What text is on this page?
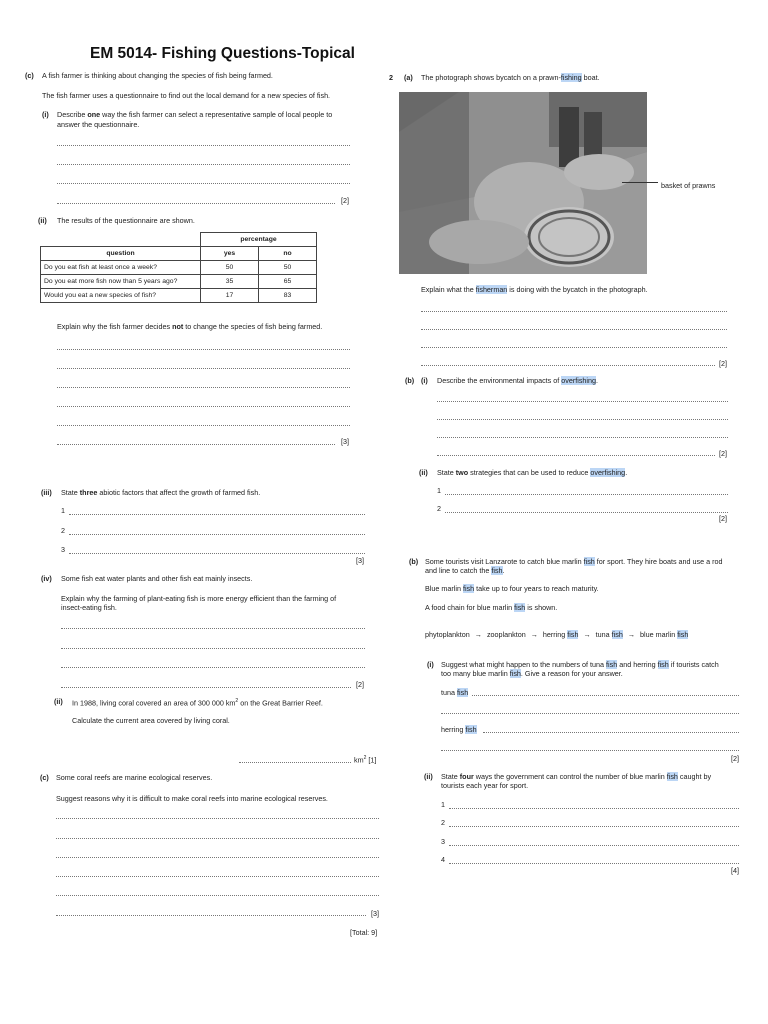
EM 5014- Fishing Questions-Topical
(c) A fish farmer is thinking about changing the species of fish being farmed.
The fish farmer uses a questionnaire to find out the local demand for a new species of fish.
(i) Describe one way the fish farmer can select a representative sample of local people to
answer the questionnaire.
[2]
(ii) The results of the questionnaire are shown.
	percentage	
question	yes	no
Do you eat fish at least once a week?	50	50
Do you eat more fish now than 5 years ago?	35	65
Would you eat a new species of fish?	17	83
Explain why the fish farmer decides not to change the species of fish being farmed.
[3]
(iii) State three abiotic factors that affect the growth of farmed fish.
1
2
3
[3]
(iv) Some fish eat water plants and other fish eat mainly insects.
Explain why the farming of plant-eating fish is more energy efficient than the farming of
insect-eating fish.
[2]
(ii) In 1988, living coral covered an area of 300 000 $km^2$ on the Great Barrier Reef.
Calculate the current area covered by living coral.
$km^2$ [1]
(c) Some coral reefs are marine ecological reserves.
Suggest reasons why it is difficult to make coral reefs into marine ecological reserves.
[3]
[Total: 9]
2 (a) The photograph shows bycatch on a prawn-fishing boat.
basket of prawns
Explain what the fisherman is doing with the bycatch in the photograph.
[2]
(b) (i) Describe the environmental impacts of overfishing.
[2]
(ii) State two strategies that can be used to reduce overfishing.
1
2
[2]
(b) Some tourists visit Lanzarote to catch blue marlin fish for sport. They hire boats and use a rod
and line to catch the fish.
Blue marlin fish take up to four years to reach maturity.
A food chain for blue marlin fish is shown.
phytoplankton → zooplankton → herring fish → tuna fish → blue marlin fish
(i) Suggest what might happen to the numbers of tuna fish and herring fish if tourists catch
too many blue marlin fish. Give a reason for your answer.
tuna fish
herring fish
[2]
(ii) State four ways the government can control the number of blue marlin fish caught by
tourists each year for sport.
1
2
3
4
[4]
